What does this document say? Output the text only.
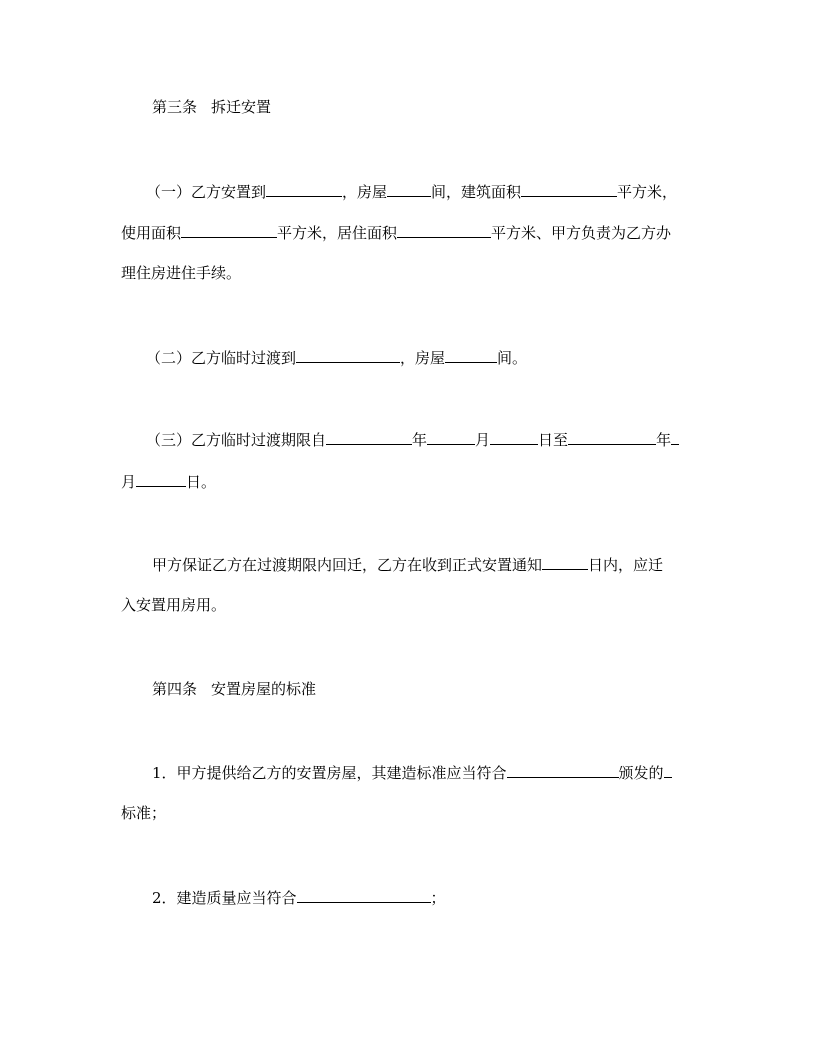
第三条 拆迁安置
（一）乙方安置到	，房屋	间，建筑面积	平方米，
使用面积	平方米，居住面积	平方米、甲方负责为乙方办
理住房进住手续。
（二）乙方临时过渡到	，房屋	间。
（三）乙方临时过渡期限自	年	月	日至	年
月	日。
甲方保证乙方在过渡期限内回迁，乙方在收到正式安置通知	日内，应迁
入安置用房用。
第四条 安置房屋的标准
1．甲方提供给乙方的安置房屋，其建造标准应当符合	颁发的
标准；
2．建造质量应当符合	；
